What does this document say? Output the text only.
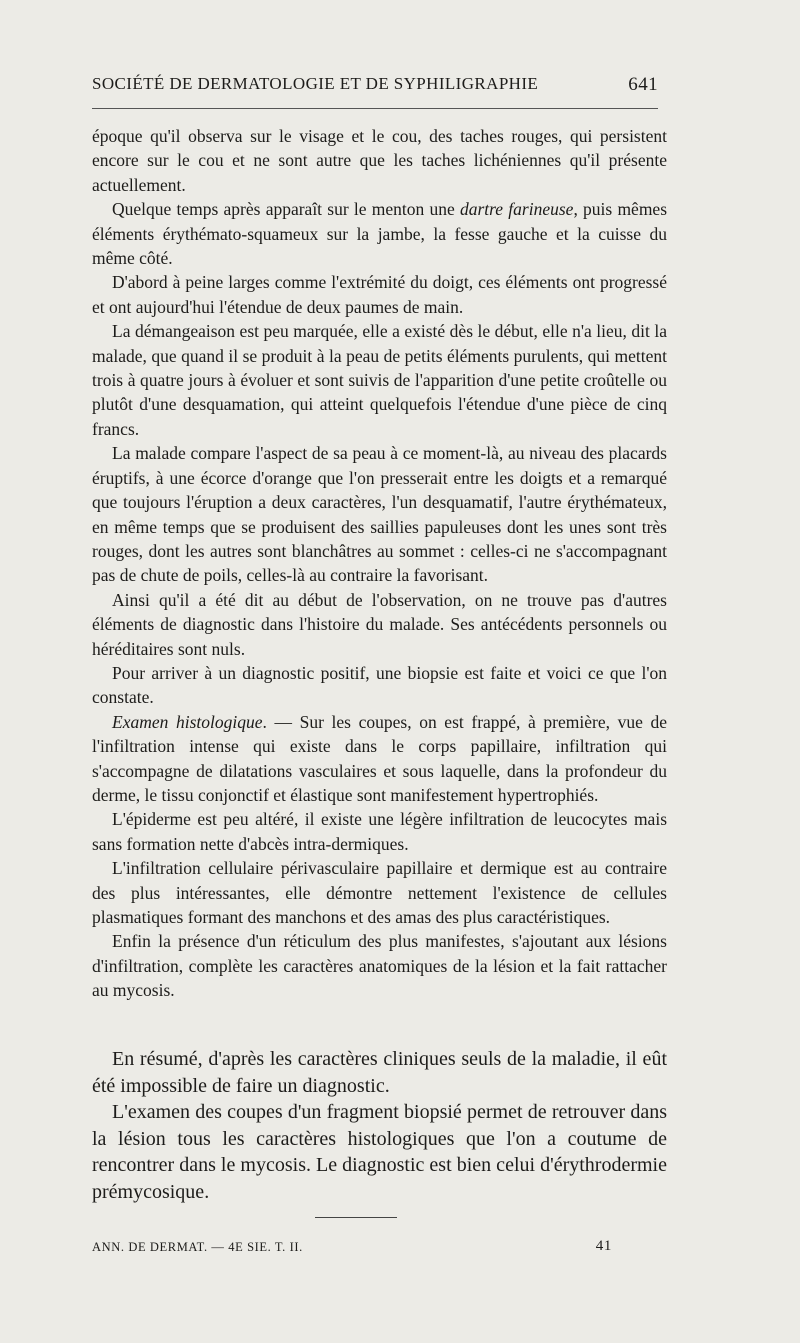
SOCIÉTÉ DE DERMATOLOGIE ET DE SYPHILIGRAPHIE	641

époque qu'il observa sur le visage et le cou, des taches rouges, qui persistent encore sur le cou et ne sont autre que les taches lichéniennes qu'il présente actuellement.

Quelque temps après apparaît sur le menton une dartre farineuse, puis mêmes éléments érythémato-squameux sur la jambe, la fesse gauche et la cuisse du même côté.

D'abord à peine larges comme l'extrémité du doigt, ces éléments ont progressé et ont aujourd'hui l'étendue de deux paumes de main.

La démangeaison est peu marquée, elle a existé dès le début, elle n'a lieu, dit la malade, que quand il se produit à la peau de petits éléments purulents, qui mettent trois à quatre jours à évoluer et sont suivis de l'apparition d'une petite croûtelle ou plutôt d'une desquamation, qui atteint quelquefois l'étendue d'une pièce de cinq francs.

La malade compare l'aspect de sa peau à ce moment-là, au niveau des placards éruptifs, à une écorce d'orange que l'on presserait entre les doigts et a remarqué que toujours l'éruption a deux caractères, l'un desquamatif, l'autre érythémateux, en même temps que se produisent des saillies papuleuses dont les unes sont très rouges, dont les autres sont blanchâtres au sommet : celles-ci ne s'accompagnant pas de chute de poils, celles-là au contraire la favorisant.

Ainsi qu'il a été dit au début de l'observation, on ne trouve pas d'autres éléments de diagnostic dans l'histoire du malade. Ses antécédents personnels ou héréditaires sont nuls.

Pour arriver à un diagnostic positif, une biopsie est faite et voici ce que l'on constate.

Examen histologique. — Sur les coupes, on est frappé, à première, vue de l'infiltration intense qui existe dans le corps papillaire, infiltration qui s'accompagne de dilatations vasculaires et sous laquelle, dans la profondeur du derme, le tissu conjonctif et élastique sont manifestement hypertrophiés.

L'épiderme est peu altéré, il existe une légère infiltration de leucocytes mais sans formation nette d'abcès intra-dermiques.

L'infiltration cellulaire périvasculaire papillaire et dermique est au contraire des plus intéressantes, elle démontre nettement l'existence de cellules plasmatiques formant des manchons et des amas des plus caractéristiques.

Enfin la présence d'un réticulum des plus manifestes, s'ajoutant aux lésions d'infiltration, complète les caractères anatomiques de la lésion et la fait rattacher au mycosis.

En résumé, d'après les caractères cliniques seuls de la maladie, il eût été impossible de faire un diagnostic.

L'examen des coupes d'un fragment biopsié permet de retrouver dans la lésion tous les caractères histologiques que l'on a coutume de rencontrer dans le mycosis. Le diagnostic est bien celui d'érythrodermie prémycosique.

ANN. DE DERMAT. — 4E SIE. T. II.	41
